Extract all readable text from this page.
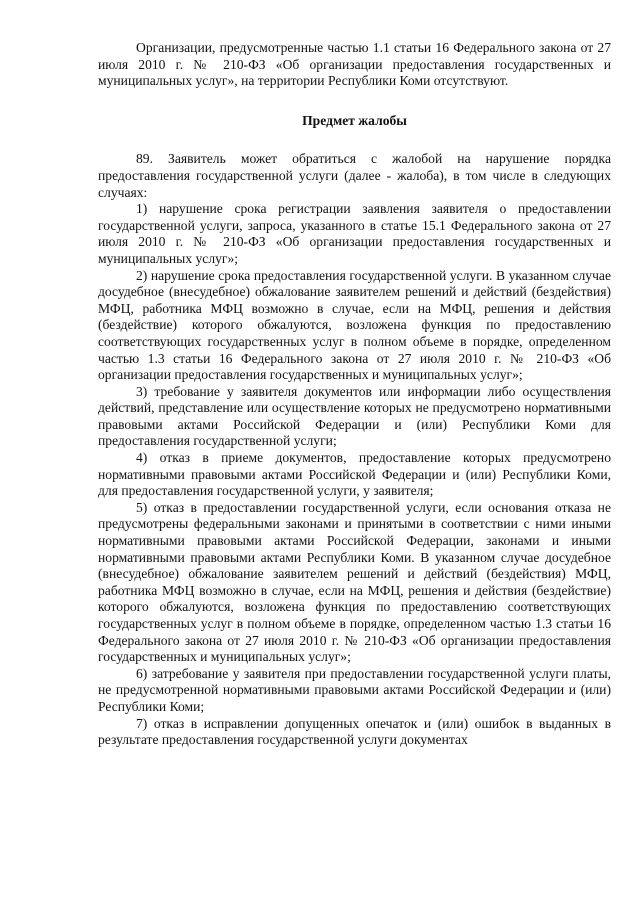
Организации, предусмотренные частью 1.1 статьи 16 Федерального закона от 27 июля 2010 г. № 210-ФЗ «Об организации предоставления государственных и муниципальных услуг», на территории Республики Коми отсутствуют.

Предмет жалобы

89. Заявитель может обратиться с жалобой на нарушение порядка предоставления государственной услуги (далее - жалоба), в том числе в следующих случаях:

1) нарушение срока регистрации заявления заявителя о предоставлении государственной услуги, запроса, указанного в статье 15.1 Федерального закона от 27 июля 2010 г. № 210-ФЗ «Об организации предоставления государственных и муниципальных услуг»;

2) нарушение срока предоставления государственной услуги. В указанном случае досудебное (внесудебное) обжалование заявителем решений и действий (бездействия) МФЦ, работника МФЦ возможно в случае, если на МФЦ, решения и действия (бездействие) которого обжалуются, возложена функция по предоставлению соответствующих государственных услуг в полном объеме в порядке, определенном частью 1.3 статьи 16 Федерального закона от 27 июля 2010 г. № 210-ФЗ «Об организации предоставления государственных и муниципальных услуг»;

3) требование у заявителя документов или информации либо осуществления действий, представление или осуществление которых не предусмотрено нормативными правовыми актами Российской Федерации и (или) Республики Коми для предоставления государственной услуги;

4) отказ в приеме документов, предоставление которых предусмотрено нормативными правовыми актами Российской Федерации и (или) Республики Коми, для предоставления государственной услуги, у заявителя;

5) отказ в предоставлении государственной услуги, если основания отказа не предусмотрены федеральными законами и принятыми в соответствии с ними иными нормативными правовыми актами Российской Федерации, законами и иными нормативными правовыми актами Республики Коми. В указанном случае досудебное (внесудебное) обжалование заявителем решений и действий (бездействия) МФЦ, работника МФЦ возможно в случае, если на МФЦ, решения и действия (бездействие) которого обжалуются, возложена функция по предоставлению соответствующих государственных услуг в полном объеме в порядке, определенном частью 1.3 статьи 16 Федерального закона от 27 июля 2010 г. № 210-ФЗ «Об организации предоставления государственных и муниципальных услуг»;

6) затребование у заявителя при предоставлении государственной услуги платы, не предусмотренной нормативными правовыми актами Российской Федерации и (или) Республики Коми;

7) отказ в исправлении допущенных опечаток и (или) ошибок в выданных в результате предоставления государственной услуги документах
